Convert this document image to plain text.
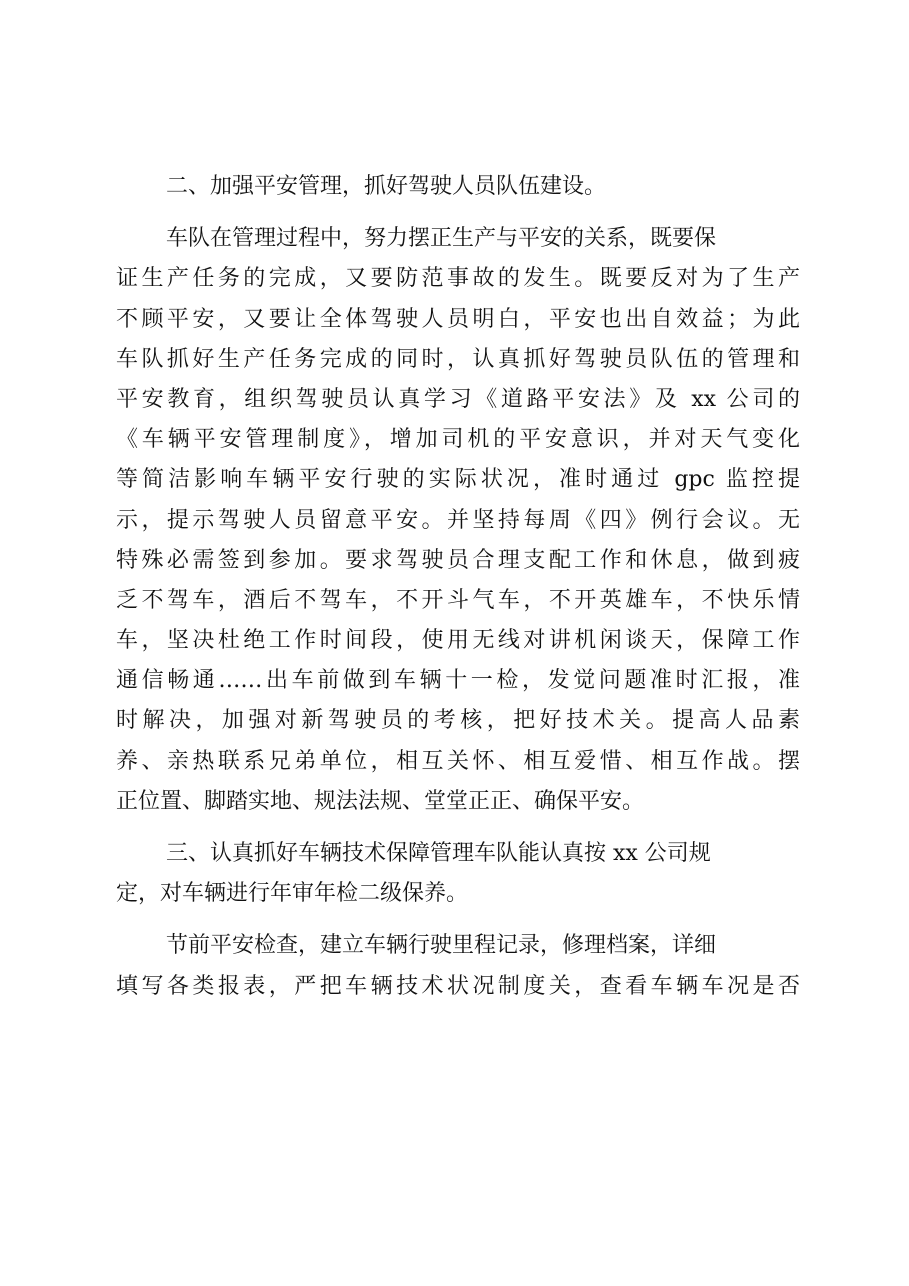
二、加强平安管理，抓好驾驶人员队伍建设。
车队在管理过程中，努力摆正生产与平安的关系，既要保
证生产任务的完成，又要防范事故的发生。既要反对为了生产
不顾平安，又要让全体驾驶人员明白，平安也出自效益；为此
车队抓好生产任务完成的同时，认真抓好驾驶员队伍的管理和
平安教育，组织驾驶员认真学习《道路平安法》及 xx 公司的
《车辆平安管理制度》，增加司机的平安意识，并对天气变化
等简洁影响车辆平安行驶的实际状况，准时通过 gpc 监控提
示，提示驾驶人员留意平安。并坚持每周《四》例行会议。无
特殊必需签到参加。要求驾驶员合理支配工作和休息，做到疲
乏不驾车，酒后不驾车，不开斗气车，不开英雄车，不快乐情
车，坚决杜绝工作时间段，使用无线对讲机闲谈天，保障工作
通信畅通……出车前做到车辆十一检，发觉问题准时汇报，准
时解决，加强对新驾驶员的考核，把好技术关。提高人品素
养、亲热联系兄弟单位，相互关怀、相互爱惜、相互作战。摆
正位置、脚踏实地、规法法规、堂堂正正、确保平安。
三、认真抓好车辆技术保障管理车队能认真按 xx 公司规
定，对车辆进行年审年检二级保养。
节前平安检查，建立车辆行驶里程记录，修理档案，详细
填写各类报表，严把车辆技术状况制度关，查看车辆车况是否
